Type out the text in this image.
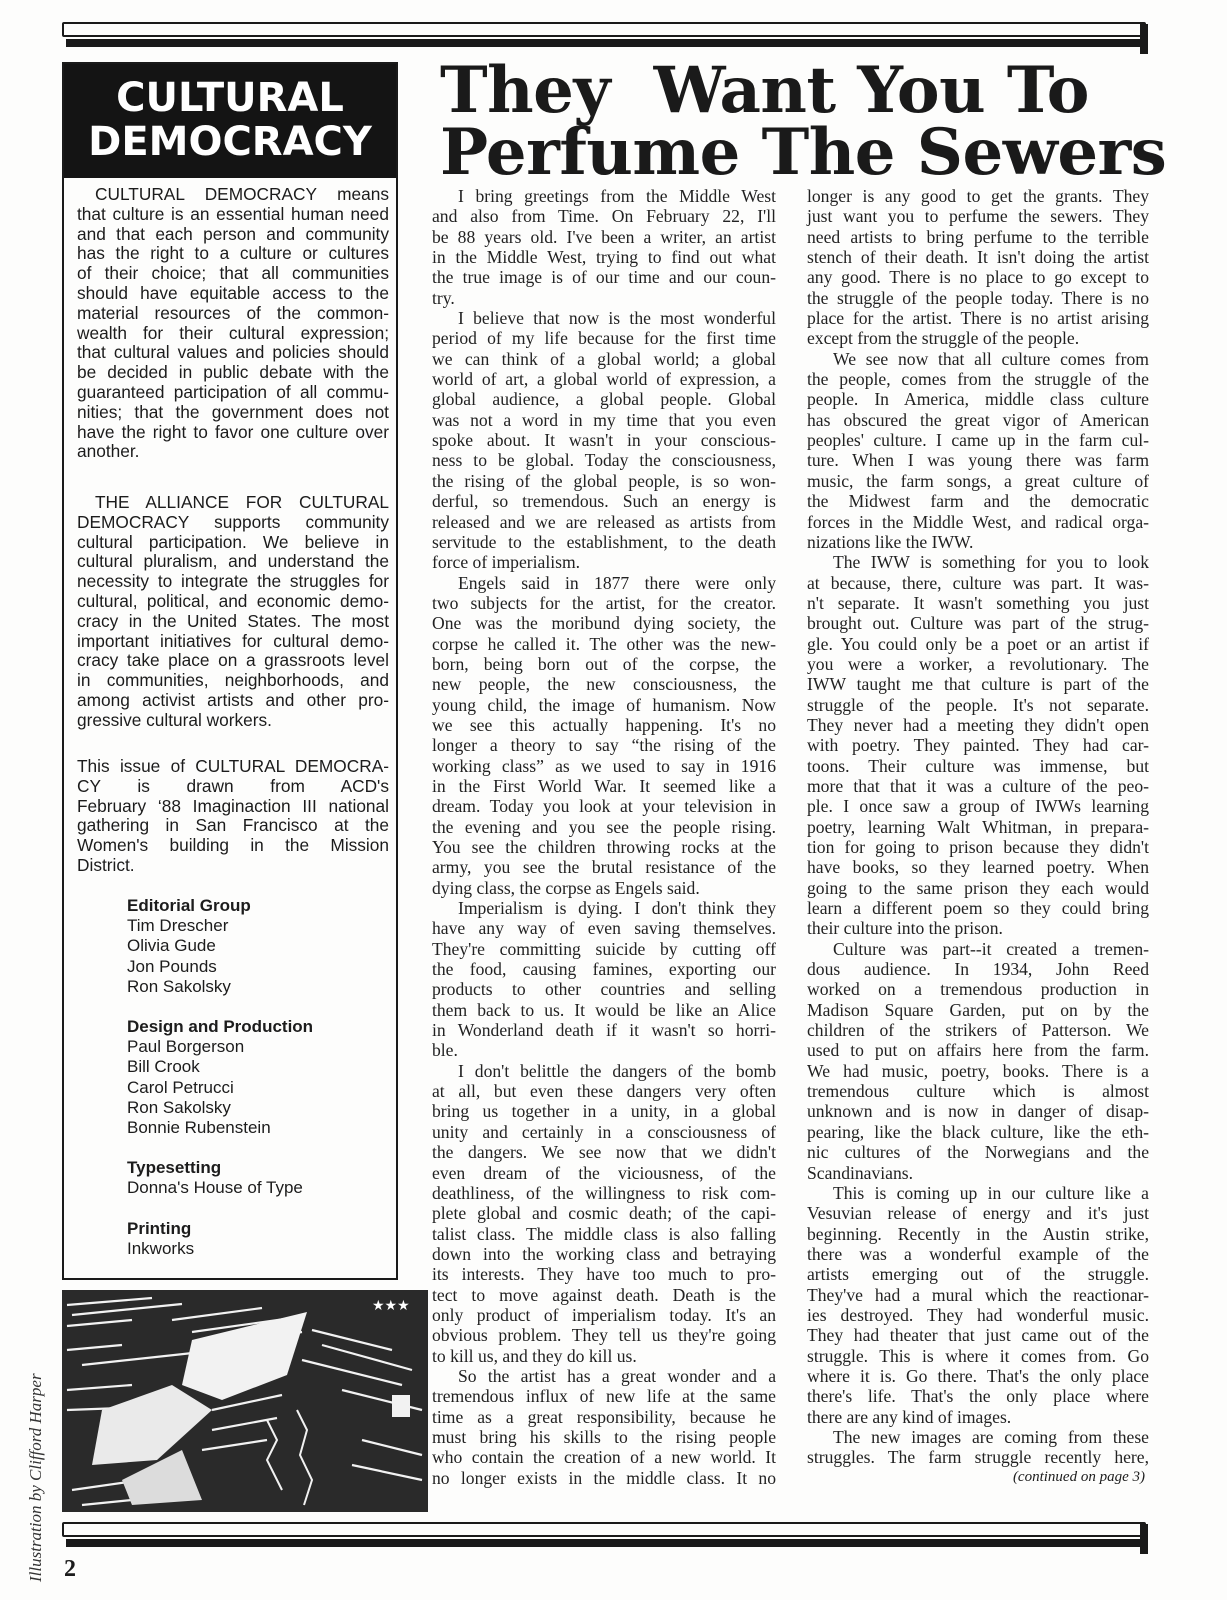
CULTURAL
DEMOCRACY
CULTURAL DEMOCRACY means
that culture is an essential human need
and that each person and community
has the right to a culture or cultures
of their choice; that all communities
should have equitable access to the
material resources of the common-
wealth for their cultural expression;
that cultural values and policies should
be decided in public debate with the
guaranteed participation of all commu-
nities; that the government does not
have the right to favor one culture over
another.
THE ALLIANCE FOR CULTURAL
DEMOCRACY supports community
cultural participation. We believe in
cultural pluralism, and understand the
necessity to integrate the struggles for
cultural, political, and economic demo-
cracy in the United States. The most
important initiatives for cultural demo-
cracy take place on a grassroots level
in communities, neighborhoods, and
among activist artists and other pro-
gressive cultural workers.
This issue of CULTURAL DEMOCRA-
CY is drawn from ACD's
February ‘88 Imaginaction III national
gathering in San Francisco at the
Women's building in the Mission
District.
Editorial Group
Tim Drescher
Olivia Gude
Jon Pounds
Ron Sakolsky
Design and Production
Paul Borgerson
Bill Crook
Carol Petrucci
Ron Sakolsky
Bonnie Rubenstein
Typesetting
Donna's House of Type
Printing
Inkworks
They  Want You To
Perfume The Sewers
I bring greetings from the Middle West
and also from Time. On February 22, I'll
be 88 years old. I've been a writer, an artist
in the Middle West, trying to find out what
the true image is of our time and our coun-
try.
I believe that now is the most wonderful
period of my life because for the first time
we can think of a global world; a global
world of art, a global world of expression, a
global audience, a global people. Global
was not a word in my time that you even
spoke about. It wasn't in your conscious-
ness to be global. Today the consciousness,
the rising of the global people, is so won-
derful, so tremendous. Such an energy is
released and we are released as artists from
servitude to the establishment, to the death
force of imperialism.
Engels said in 1877 there were only
two subjects for the artist, for the creator.
One was the moribund dying society, the
corpse he called it. The other was the new-
born, being born out of the corpse, the
new people, the new consciousness, the
young child, the image of humanism. Now
we see this actually happening. It's no
longer a theory to say “the rising of the
working class” as we used to say in 1916
in the First World War. It seemed like a
dream. Today you look at your television in
the evening and you see the people rising.
You see the children throwing rocks at the
army, you see the brutal resistance of the
dying class, the corpse as Engels said.
Imperialism is dying. I don't think they
have any way of even saving themselves.
They're committing suicide by cutting off
the food, causing famines, exporting our
products to other countries and selling
them back to us. It would be like an Alice
in Wonderland death if it wasn't so horri-
ble.
I don't belittle the dangers of the bomb
at all, but even these dangers very often
bring us together in a unity, in a global
unity and certainly in a consciousness of
the dangers. We see now that we didn't
even dream of the viciousness, of the
deathliness, of the willingness to risk com-
plete global and cosmic death; of the capi-
talist class. The middle class is also falling
down into the working class and betraying
its interests. They have too much to pro-
tect to move against death. Death is the
only product of imperialism today. It's an
obvious problem. They tell us they're going
to kill us, and they do kill us.
So the artist has a great wonder and a
tremendous influx of new life at the same
time as a great responsibility, because he
must bring his skills to the rising people
who contain the creation of a new world. It
no longer exists in the middle class. It no
longer is any good to get the grants. They
just want you to perfume the sewers. They
need artists to bring perfume to the terrible
stench of their death. It isn't doing the artist
any good. There is no place to go except to
the struggle of the people today. There is no
place for the artist. There is no artist arising
except from the struggle of the people.
We see now that all culture comes from
the people, comes from the struggle of the
people. In America, middle class culture
has obscured the great vigor of American
peoples' culture. I came up in the farm cul-
ture. When I was young there was farm
music, the farm songs, a great culture of
the Midwest farm and the democratic
forces in the Middle West, and radical orga-
nizations like the IWW.
The IWW is something for you to look
at because, there, culture was part. It was-
n't separate. It wasn't something you just
brought out. Culture was part of the strug-
gle. You could only be a poet or an artist if
you were a worker, a revolutionary. The
IWW taught me that culture is part of the
struggle of the people. It's not separate.
They never had a meeting they didn't open
with poetry. They painted. They had car-
toons. Their culture was immense, but
more that that it was a culture of the peo-
ple. I once saw a group of IWWs learning
poetry, learning Walt Whitman, in prepara-
tion for going to prison because they didn't
have books, so they learned poetry. When
going to the same prison they each would
learn a different poem so they could bring
their culture into the prison.
Culture was part--it created a tremen-
dous audience. In 1934, John Reed
worked on a tremendous production in
Madison Square Garden, put on by the
children of the strikers of Patterson. We
used to put on affairs here from the farm.
We had music, poetry, books. There is a
tremendous culture which is almost
unknown and is now in danger of disap-
pearing, like the black culture, like the eth-
nic cultures of the Norwegians and the
Scandinavians.
This is coming up in our culture like a
Vesuvian release of energy and it's just
beginning. Recently in the Austin strike,
there was a wonderful example of the
artists emerging out of the struggle.
They've had a mural which the reactionar-
ies destroyed. They had wonderful music.
They had theater that just came out of the
struggle. This is where it comes from. Go
where it is. Go there. That's the only place
there's life. That's the only place where
there are any kind of images.
The new images are coming from these
struggles. The farm struggle recently here,
(continued on page 3)
★★★
Illustration by Clifford Harper 2
